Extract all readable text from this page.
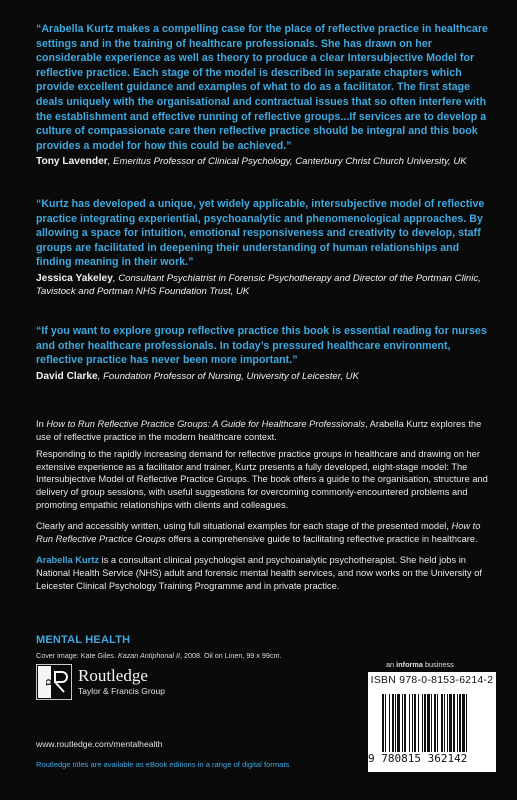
“Arabella Kurtz makes a compelling case for the place of reflective practice in healthcare settings and in the training of healthcare professionals. She has drawn on her considerable experience as well as theory to produce a clear Intersubjective Model for reflective practice. Each stage of the model is described in separate chapters which provide excellent guidance and examples of what to do as a facilitator. The first stage deals uniquely with the organisational and contractual issues that so often interfere with the establishment and effective running of reflective groups...If services are to develop a culture of compassionate care then reflective practice should be integral and this book provides a model for how this could be achieved.”

Tony Lavender, Emeritus Professor of Clinical Psychology, Canterbury Christ Church University, UK

“Kurtz has developed a unique, yet widely applicable, intersubjective model of reflective practice integrating experiential, psychoanalytic and phenomenological approaches. By allowing a space for intuition, emotional responsiveness and creativity to develop, staff groups are facilitated in deepening their understanding of human relationships and finding meaning in their work.”

Jessica Yakeley, Consultant Psychiatrist in Forensic Psychotherapy and Director of the Portman Clinic, Tavistock and Portman NHS Foundation Trust, UK

“If you want to explore group reflective practice this book is essential reading for nurses and other healthcare professionals. In today’s pressured healthcare environment, reflective practice has never been more important.”

David Clarke, Foundation Professor of Nursing, University of Leicester, UK

In How to Run Reflective Practice Groups: A Guide for Healthcare Professionals, Arabella Kurtz explores the use of reflective practice in the modern healthcare context.

Responding to the rapidly increasing demand for reflective practice groups in healthcare and drawing on her extensive experience as a facilitator and trainer, Kurtz presents a fully developed, eight-stage model: The Intersubjective Model of Reflective Practice Groups. The book offers a guide to the organisation, structure and delivery of group sessions, with useful suggestions for overcoming commonly-encountered problems and promoting empathic relationships with clients and colleagues.

Clearly and accessibly written, using full situational examples for each stage of the presented model, How to Run Reflective Practice Groups offers a comprehensive guide to facilitating reflective practice in healthcare.

Arabella Kurtz is a consultant clinical psychologist and psychoanalytic psychotherapist. She held jobs in National Health Service (NHS) adult and forensic mental health services, and now works on the University of Leicester Clinical Psychology Training Programme and in private practice.

MENTAL HEALTH
Cover image: Kate Giles. Kazan Antiphonal II, 2008. Oil on Linen, 99 x 99cm.
R Routledge
Taylor & Francis Group
www.routledge.com/mentalhealth
Routledge titles are available as eBook editions in a range of digital formats
an informa business
ISBN 978-0-8153-6214-2
9 780815 362142
